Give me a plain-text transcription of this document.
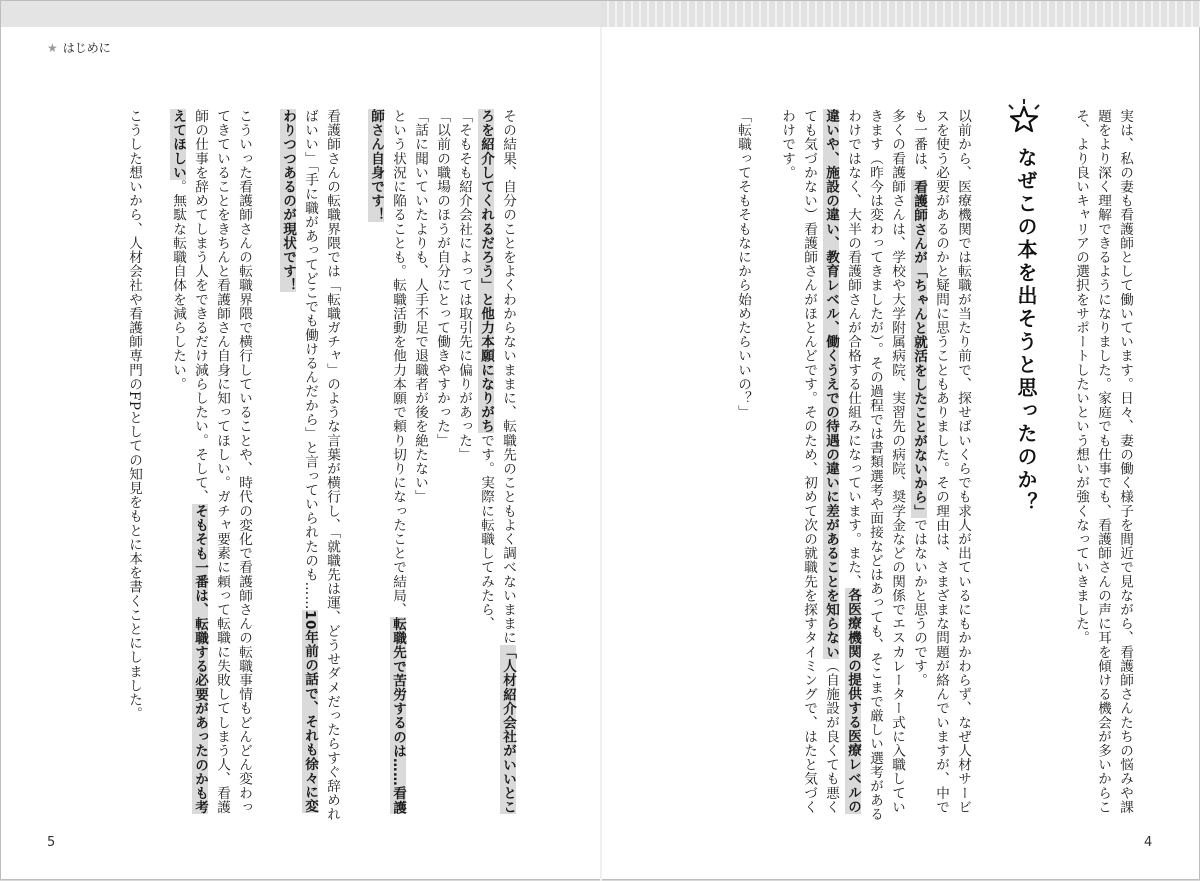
★ はじめに
なぜこの本を出そうと思ったのか？	実は、私の妻も看護師として働いています。日々、妻の働く様子を間近で見ながら、看護師さんたちの悩みや課題をより深く理解できるようになりました。家庭でも仕事でも、看護師さんの声に耳を傾ける機会が多いからこそ、より良いキャリアの選択をサポートしたいという想いが強くなっていきました。
以前から、医療機関では転職が当たり前で、探せばいくらでも求人が出ているにもかかわらず、なぜ人材サービスを使う必要があるのかと疑問に思うこともありました。その理由は、さまざまな問題が絡んでいますが、中でも一番は、看護師さんが「ちゃんと就活をしたことがないから」ではないかと思うのです。
多くの看護師さんは、学校や大学附属病院、実習先の病院、奨学金などの関係でエスカレーター式に入職していきます（昨今は変わってきましたが）。その過程では書類選考や面接などはあっても、そこまで厳しい選考があるわけではなく、大半の看護師さんが合格する仕組みになっています。また、各医療機関の提供する医療レベルの違いや、施設の違い、教育レベル、働くうえでの待遇の違いに差があることを知らない（自施設が良くても悪くても気づかない）看護師さんがほとんどです。そのため、初めて次の就職先を探すタイミングで、はたと気づくわけです。
「転職ってそもそもなにから始めたらいいの？」
その結果、自分のことをよくわからないままに、転職先のこともよく調べないままに「人材紹介会社がいいところを紹介してくれるだろう」と他力本願になりがちです。実際に転職してみたら、
「そもそも紹介会社によっては取引先に偏りがあった」
「以前の職場のほうが自分にとって働きやすかった」
「話に聞いていたよりも、人手不足で退職者が後を絶たない」
という状況に陥ることも。転職活動を他力本願で頼り切りになったことで結局、転職先で苦労するのは……看護師さん自身です！
看護師さんの転職界隈では「転職ガチャ」のような言葉が横行し、「就職先は運、どうせダメだったらすぐ辞めればいい」「手に職があってどこでも働けるんだから」と言っていられたのも……10年前の話で、それも徐々に変わりつつあるのが現状です！
こういった看護師さんの転職界隈で横行していることや、時代の変化で看護師さんの転職事情もどんどん変わってきていることをきちんと看護師さん自身に知ってほしい。ガチャ要素に頼って転職に失敗してしまう人、看護師の仕事を辞めてしまう人をできるだけ減らしたい。そして、そもそも一番は、転職する必要があったのかも考えてほしい。無駄な転職自体を減らしたい。
こうした想いから、人材会社や看護師専門のFPとしての知見をもとに本を書くことにしました。
5	4
